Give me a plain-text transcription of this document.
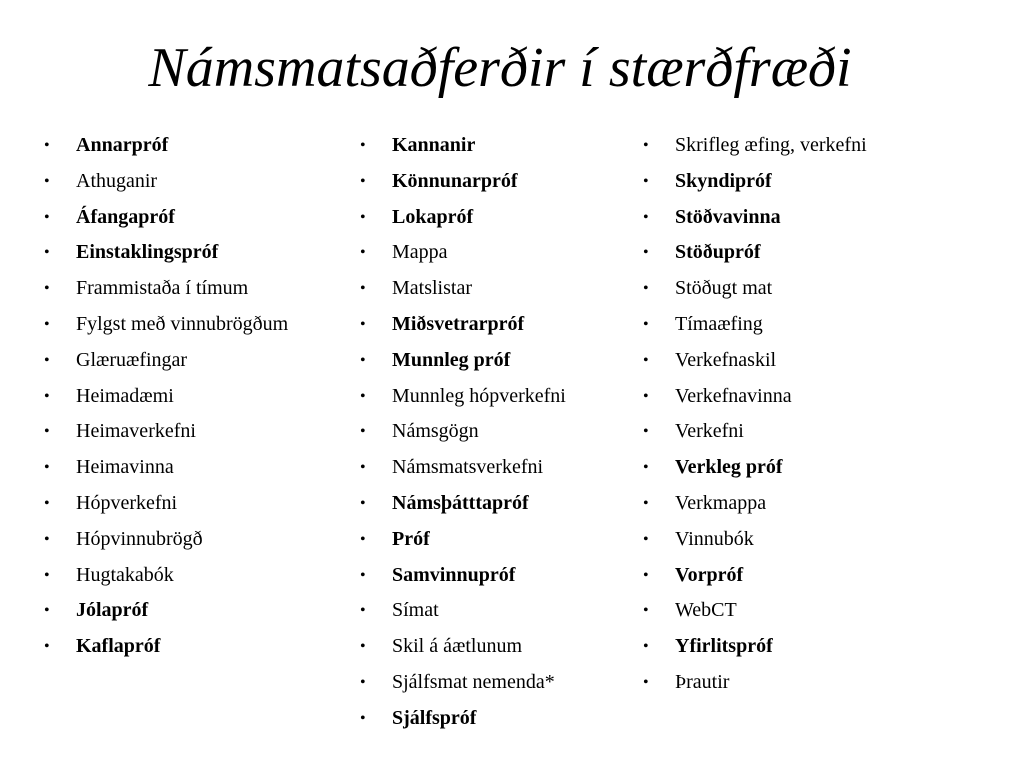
Námsmatsaðferðir í stærðfræði
• Annarpróf
• Athuganir
• Áfangapróf
• Einstaklingspróf
• Frammistaða í tímum
• Fylgst með vinnubrögðum
• Glæruæfingar
• Heimadæmi
• Heimaverkefni
• Heimavinna
• Hópverkefni
• Hópvinnubrögð
• Hugtakabók
• Jólapróf
• Kaflapróf
• Kannanir
• Könnunarpróf
• Lokapróf
• Mappa
• Matslistar
• Miðsvetrarpróf
• Munnleg próf
• Munnleg hópverkefni
• Námsgögn
• Námsmatsverkefni
• Námsþátttapróf
• Próf
• Samvinnupróf
• Símat
• Skil á áætlunum
• Sjálfsmat nemenda*
• Sjálfspróf
• Skrifleg æfing, verkefni
• Skyndipróf
• Stöðvavinna
• Stöðupróf
• Stöðugt mat
• Tímaæfing
• Verkefnaskil
• Verkefnavinna
• Verkefni
• Verkleg próf
• Verkmappa
• Vinnubók
• Vorpróf
• WebCT
• Yfirlitspróf
• Þrautir
